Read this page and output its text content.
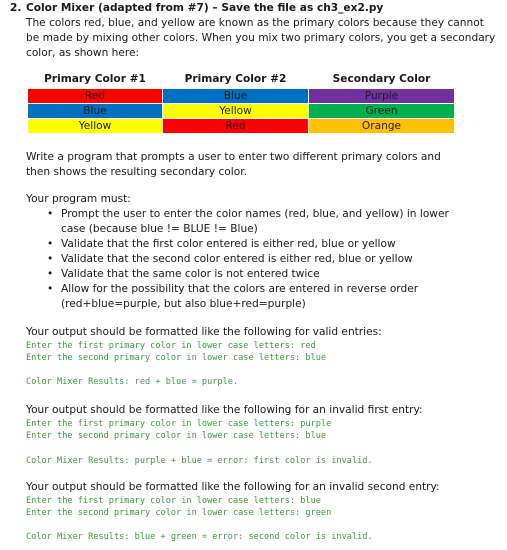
2. Color Mixer (adapted from #7) – Save the file as ch3_ex2.py
The colors red, blue, and yellow are known as the primary colors because they cannot be made by mixing other colors. When you mix two primary colors, you get a secondary color, as shown here:
Primary Color #1	Primary Color #2	Secondary Color
Red	Blue	Purple
Blue	Yellow	Green
Yellow	Red	Orange
Write a program that prompts a user to enter two different primary colors and then shows the resulting secondary color.
Your program must:
• Prompt the user to enter the color names (red, blue, and yellow) in lower case (because blue != BLUE != Blue)
• Validate that the first color entered is either red, blue or yellow
• Validate that the second color entered is either red, blue or yellow
• Validate that the same color is not entered twice
• Allow for the possibility that the colors are entered in reverse order (red+blue=purple, but also blue+red=purple)
Your output should be formatted like the following for valid entries:
Enter the first primary color in lower case letters: red
Enter the second primary color in lower case letters: blue
Color Mixer Results: red + blue = purple.
Your output should be formatted like the following for an invalid first entry:
Enter the first primary color in lower case letters: purple
Enter the second primary color in lower case letters: blue
Color Mixer Results: purple + blue = error: first color is invalid.
Your output should be formatted like the following for an invalid second entry:
Enter the first primary color in lower case letters: blue
Enter the second primary color in lower case letters: green
Color Mixer Results: blue + green = error: second color is invalid.
